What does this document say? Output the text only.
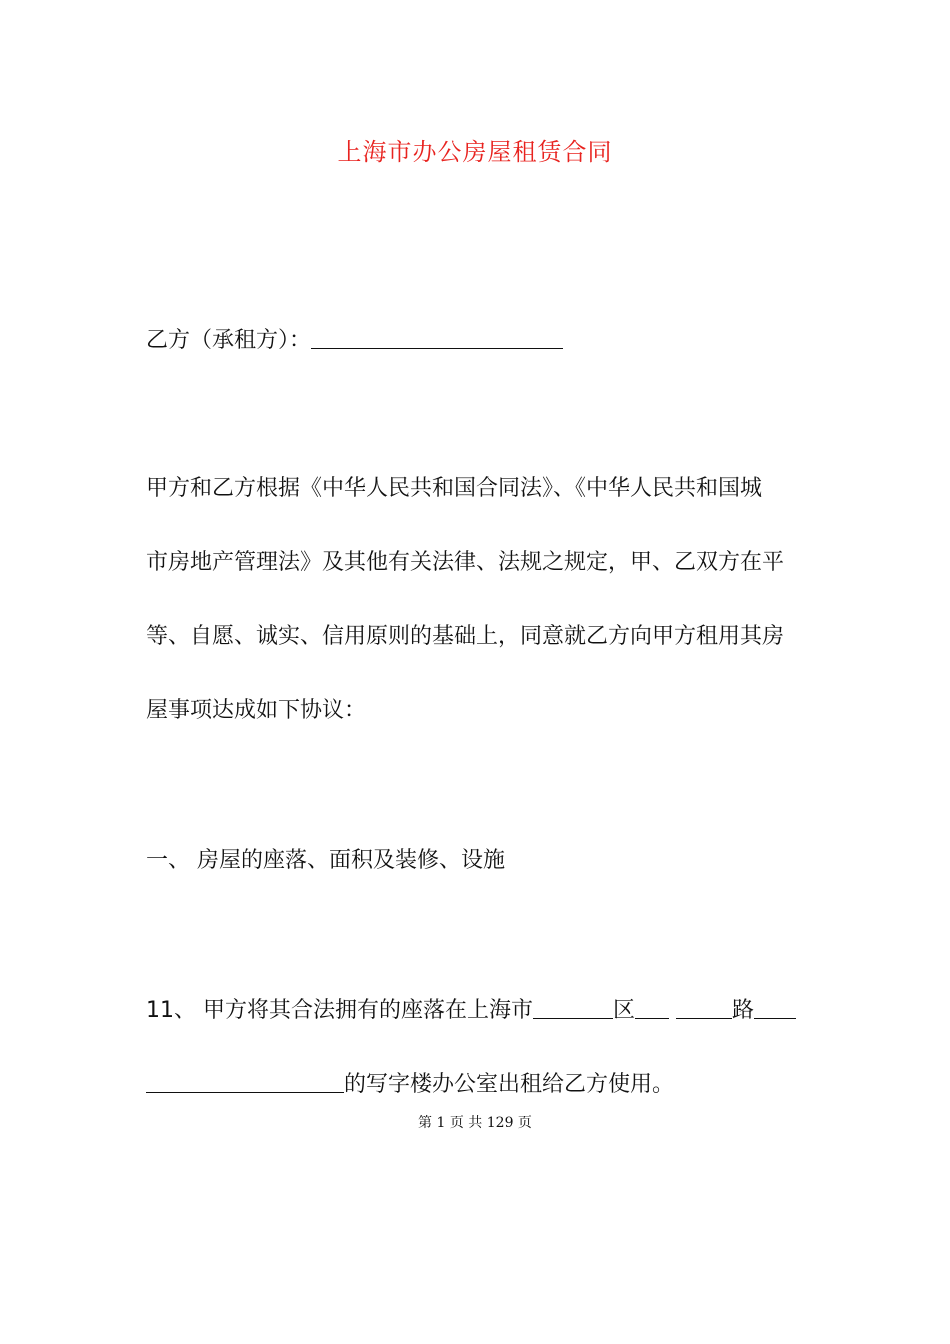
上海市办公房屋租赁合同
乙方（承租方）：
甲方和乙方根据《中华人民共和国合同法》、《中华人民共和国城
市房地产管理法》及其他有关法律、法规之规定，甲、乙双方在平
等、自愿、诚实、信用原则的基础上，同意就乙方向甲方租用其房
屋事项达成如下协议：
一、 房屋的座落、面积及装修、设施
11、 甲方将其合法拥有的座落在上海市	区	路
的写字楼办公室出租给乙方使用。
第 1 页 共 129 页
